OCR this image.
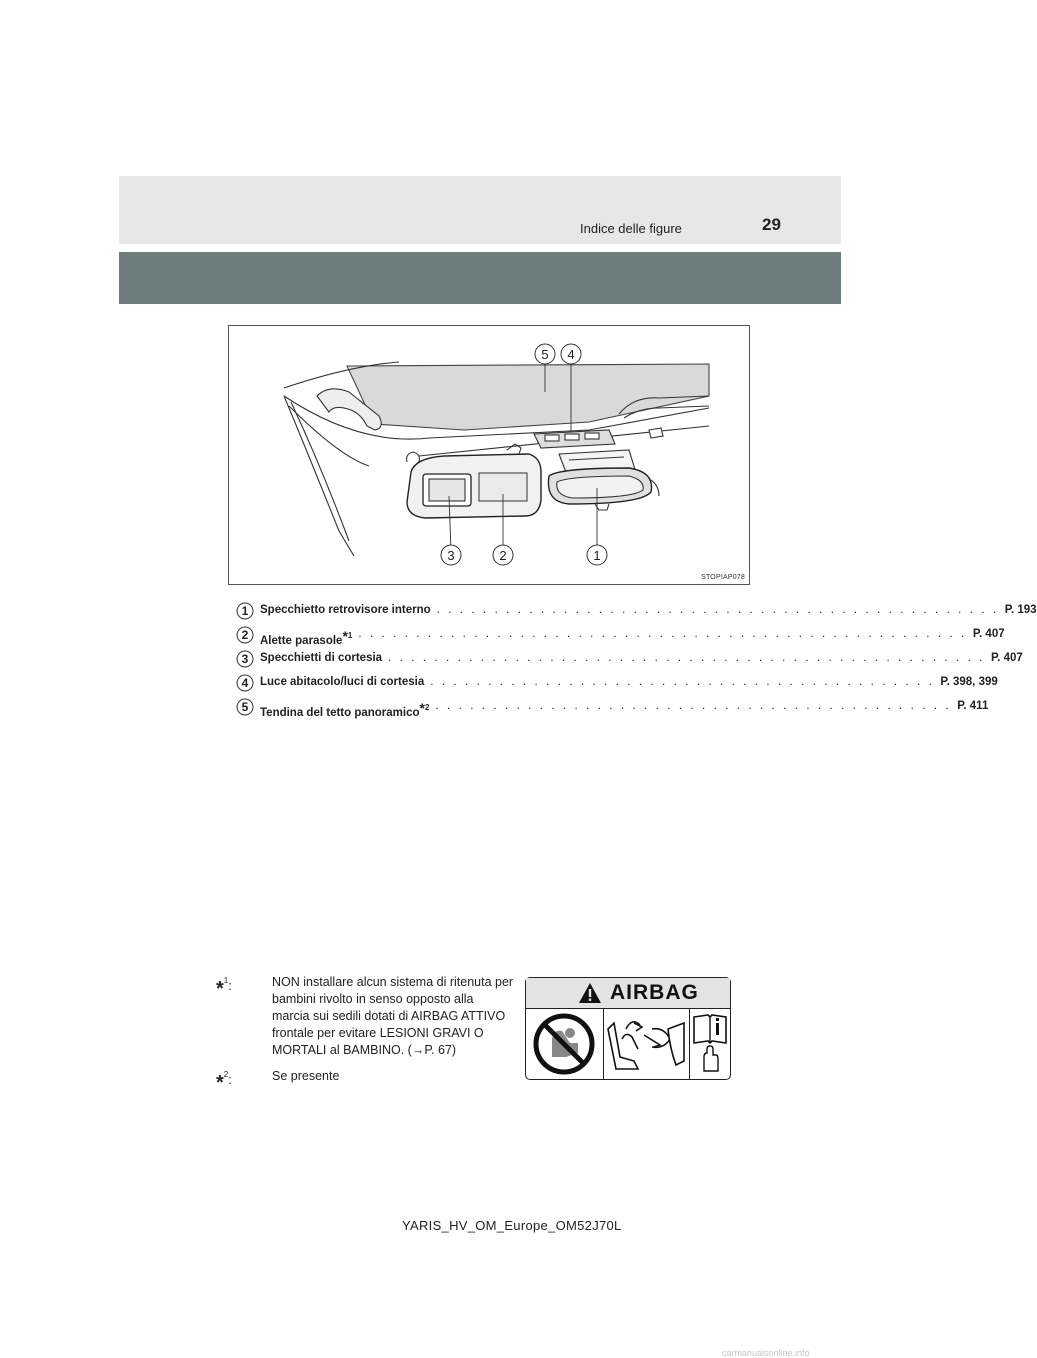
Indice delle figure	29
5 4
3	2	1
STOPIAP078
1 Specchietto retrovisore interno . . . . . . . . . . . . . . . . . . . . . . . . . . . . . . . . . . . . . . . . . . . . . . . . . P. 193
2 Alette parasole$^{*1}$ . . . . . . . . . . . . . . . . . . . . . . . . . . . . . . . . . . . . . . . . . . . . . . . . . . . . . P. 407
3 Specchietti di cortesia . . . . . . . . . . . . . . . . . . . . . . . . . . . . . . . . . . . . . . . . . . . . . . . . . . . . P. 407
4 Luce abitacolo/luci di cortesia . . . . . . . . . . . . . . . . . . . . . . . . . . . . . . . . . . . . . . . . . . . . P. 398, 399
5 Tendina del tetto panoramico$^{*2}$ . . . . . . . . . . . . . . . . . . . . . . . . . . . . . . . . . . . . . . . . . . . . . P. 411
*$^1$:	NON installare alcun sistema di ritenuta per bambini rivolto in senso opposto alla marcia sui sedili dotati di AIRBAG ATTIVO frontale per evitare LESIONI GRAVI O MORTALI al BAMBINO. (→P. 67)
*$^2$:	Se presente
AIRBAG
YARIS_HV_OM_Europe_OM52J70L
carmanualsonline.info
